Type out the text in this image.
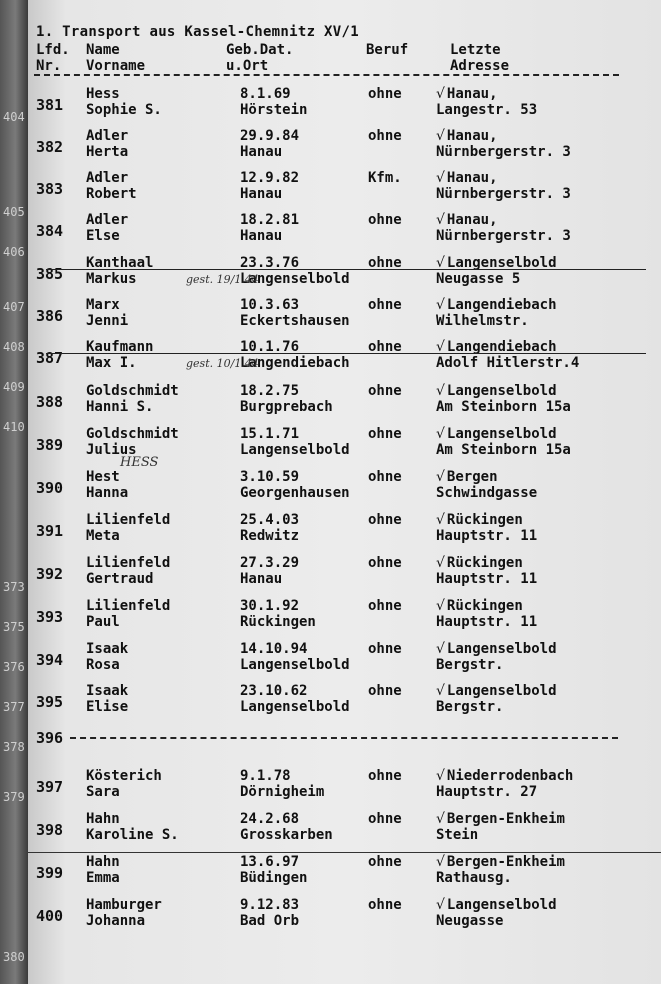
404
405
406
407
408
409
410
373
375
376
377
378
379
380
1. Transport aus Kassel-Chemnitz XV/1
Lfd.
Nr.
Name
Vorname
Geb.Dat.
u.Ort
Beruf	Letzte
Adresse
381
Hess
Sophie S.
8.1.69
Hörstein
ohne √ Hanau,
Langestr. 53
382
Adler
Herta
29.9.84
Hanau
ohne √ Hanau,
Nürnbergerstr. 3
383
Adler
Robert
12.9.82
Hanau
Kfm. √ Hanau,
Nürnbergerstr. 3
384
Adler
Else
18.2.81
Hanau
ohne √ Hanau,
Nürnbergerstr. 3
385
Kanthaal
Markus
23.3.76
Langenselbold
ohne √ Langenselbold
Neugasse 5
gest. 19/1.44
386
Marx
Jenni
10.3.63
Eckertshausen
ohne √ Langendiebach
Wilhelmstr.
387
Kaufmann
Max I.
10.1.76
Langendiebach
ohne √ Langendiebach
Adolf Hitlerstr.4
gest. 10/1.44
388
Goldschmidt
Hanni S.
18.2.75
Burgprebach
ohne √ Langenselbold
Am Steinborn 15a
389
Goldschmidt
Julius
15.1.71
Langenselbold
ohne √ Langenselbold
Am Steinborn 15a
390
Hest
Hanna
3.10.59
Georgenhausen
ohne √ Bergen
Schwindgasse
HESS
391
Lilienfeld
Meta
25.4.03
Redwitz
ohne √ Rückingen
Hauptstr. 11
392
Lilienfeld
Gertraud
27.3.29
Hanau
ohne √ Rückingen
Hauptstr. 11
393
Lilienfeld
Paul
30.1.92
Rückingen
ohne √ Rückingen
Hauptstr. 11
394
Isaak
Rosa
14.10.94
Langenselbold
ohne √ Langenselbold
Bergstr.
395
Isaak
Elise
23.10.62
Langenselbold
ohne √ Langenselbold
Bergstr.
396
397
Kösterich
Sara
9.1.78
Dörnigheim
ohne √ Niederrodenbach
Hauptstr. 27
398
Hahn
Karoline S.
24.2.68
Grosskarben
ohne √ Bergen-Enkheim
Stein
399
Hahn
Emma
13.6.97
Büdingen
ohne √ Bergen-Enkheim
Rathausg.
400
Hamburger
Johanna
9.12.83
Bad Orb
ohne √ Langenselbold
Neugasse
